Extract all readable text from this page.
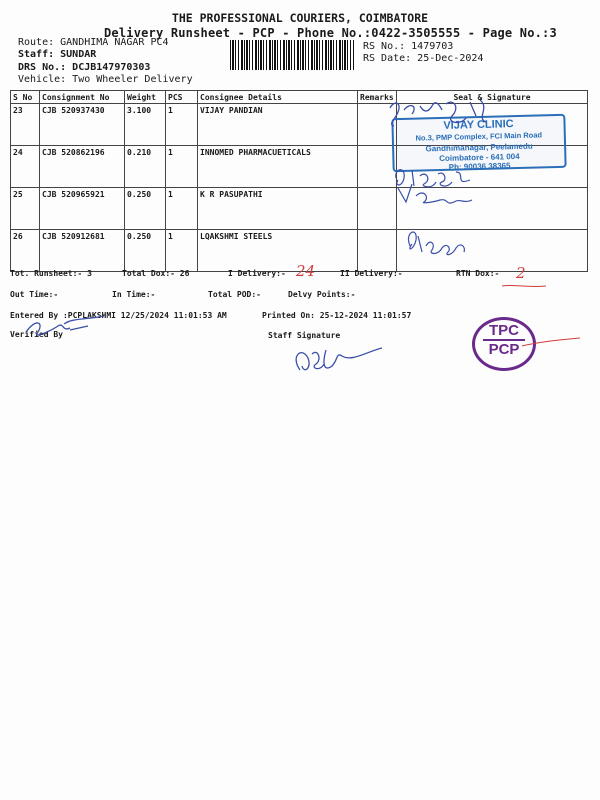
THE PROFESSIONAL COURIERS, COIMBATORE
Delivery Runsheet - PCP - Phone No.:0422-3505555 - Page No.:3
Route: GANDHIMA NAGAR PC4
Staff: SUNDAR
DRS No.: DCJB147970303
Vehicle: Two Wheeler Delivery
RS No.: 1479703
RS Date: 25-Dec-2024
S No	Consignment No	Weight	PCS	Consignee Details	Remarks	Seal & Signature
23	CJB 520937430	3.100	1	VIJAY PANDIAN		
24	CJB 520862196	0.210	1	INNOMED PHARMACUETICALS		
25	CJB 520965921	0.250	1	K R PASUPATHI		
26	CJB 520912681	0.250	1	LQAKSHMI STEELS		
VIJAY CLINIC
No.3, PMP Complex, FCI Main Road
Gandhimanagar, Peelamedu
Coimbatore - 641 004
Ph: 90036 38365
Tot. Runsheet:- 3	Total Dox:- 26	I Delivery:- 24	II Delivery:-	RTN Dox:- 2
Out Time:-	In Time:-	Total POD:-	Delvy Points:-
Entered By :PCPLAKSHMI 12/25/2024 11:01:53 AM	Printed On: 25-12-2024 11:01:57
Verified By	Staff Signature	TPC
PCP
